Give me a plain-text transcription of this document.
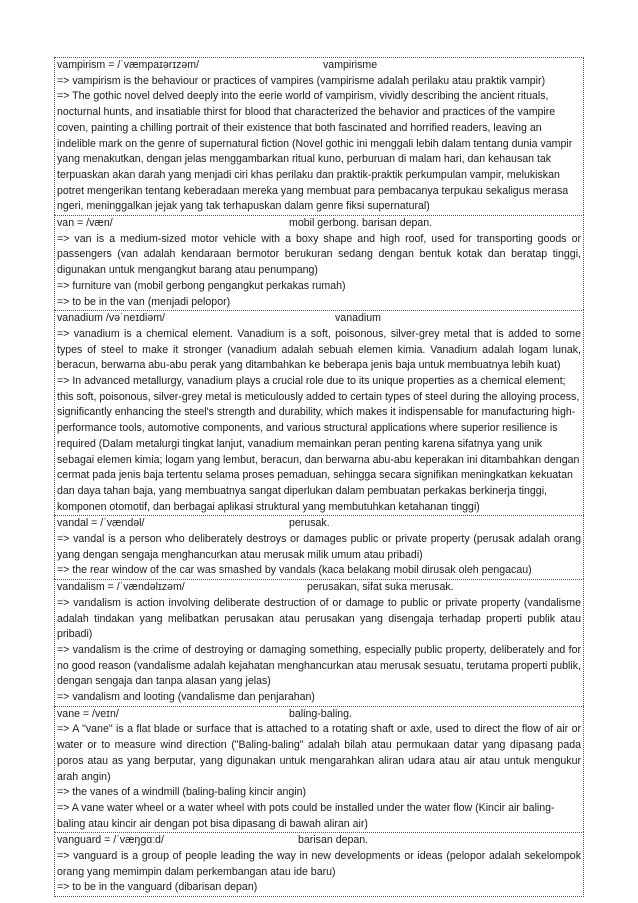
vampirism = /ˈvæmpaɪərɪzəm/	vampirisme
=> vampirism is the behaviour or practices of vampires (vampirisme adalah perilaku atau praktik vampir)
=> The gothic novel delved deeply into the eerie world of vampirism, vividly describing the ancient rituals, nocturnal hunts, and insatiable thirst for blood that characterized the behavior and practices of the vampire coven, painting a chilling portrait of their existence that both fascinated and horrified readers, leaving an indelible mark on the genre of supernatural fiction (Novel gothic ini menggali lebih dalam tentang dunia vampir yang menakutkan, dengan jelas menggambarkan ritual kuno, perburuan di malam hari, dan kehausan tak terpuaskan akan darah yang menjadi ciri khas perilaku dan praktik-praktik perkumpulan vampir, melukiskan potret mengerikan tentang keberadaan mereka yang membuat para pembacanya terpukau sekaligus merasa ngeri, meninggalkan jejak yang tak terhapuskan dalam genre fiksi supernatural)
van = /væn/	mobil gerbong. barisan depan.
=> van is a medium-sized motor vehicle with a boxy shape and high roof, used for transporting goods or passengers (van adalah kendaraan bermotor berukuran sedang dengan bentuk kotak dan beratap tinggi, digunakan untuk mengangkut barang atau penumpang)
=> furniture van (mobil gerbong pengangkut perkakas rumah)
=> to be in the van (menjadi pelopor)
vanadium /vəˈneɪdiəm/	vanadium
=> vanadium is a chemical element. Vanadium is a soft, poisonous, silver-grey metal that is added to some types of steel to make it stronger (vanadium adalah sebuah elemen kimia. Vanadium adalah logam lunak, beracun, berwarna abu-abu perak yang ditambahkan ke beberapa jenis baja untuk membuatnya lebih kuat)
=> In advanced metallurgy, vanadium plays a crucial role due to its unique properties as a chemical element; this soft, poisonous, silver-grey metal is meticulously added to certain types of steel during the alloying process, significantly enhancing the steel's strength and durability, which makes it indispensable for manufacturing high-performance tools, automotive components, and various structural applications where superior resilience is required (Dalam metalurgi tingkat lanjut, vanadium memainkan peran penting karena sifatnya yang unik sebagai elemen kimia; logam yang lembut, beracun, dan berwarna abu-abu keperakan ini ditambahkan dengan cermat pada jenis baja tertentu selama proses pemaduan, sehingga secara signifikan meningkatkan kekuatan dan daya tahan baja, yang membuatnya sangat diperlukan dalam pembuatan perkakas berkinerja tinggi, komponen otomotif, dan berbagai aplikasi struktural yang membutuhkan ketahanan tinggi)
vandal = /ˈvændəl/	perusak.
=> vandal is a person who deliberately destroys or damages public or private property (perusak adalah orang yang dengan sengaja menghancurkan atau merusak milik umum atau pribadi)
=> the rear window of the car was smashed by vandals (kaca belakang mobil dirusak oleh pengacau)
vandalism = /ˈvændəlɪzəm/	perusakan, sifat suka merusak.
=> vandalism is action involving deliberate destruction of or damage to public or private property (vandalisme adalah tindakan yang melibatkan perusakan atau perusakan yang disengaja terhadap properti publik atau pribadi)
=> vandalism is the crime of destroying or damaging something, especially public property, deliberately and for no good reason (vandalisme adalah kejahatan menghancurkan atau merusak sesuatu, terutama properti publik, dengan sengaja dan tanpa alasan yang jelas)
=> vandalism and looting (vandalisme dan penjarahan)
vane = /veɪn/	baling-baling.
=> A "vane" is a flat blade or surface that is attached to a rotating shaft or axle, used to direct the flow of air or water or to measure wind direction ("Baling-baling" adalah bilah atau permukaan datar yang dipasang pada poros atau as yang berputar, yang digunakan untuk mengarahkan aliran udara atau air atau untuk mengukur arah angin)
=> the vanes of a windmill (baling-baling kincir angin)
=> A vane water wheel or a water wheel with pots could be installed under the water flow (Kincir air baling-baling atau kincir air dengan pot bisa dipasang di bawah aliran air)
vanguard = /ˈvæŋɡɑːd/	barisan depan.
=> vanguard is a group of people leading the way in new developments or ideas (pelopor adalah sekelompok orang yang memimpin dalam perkembangan atau ide baru)
=> to be in the vanguard (dibarisan depan)
